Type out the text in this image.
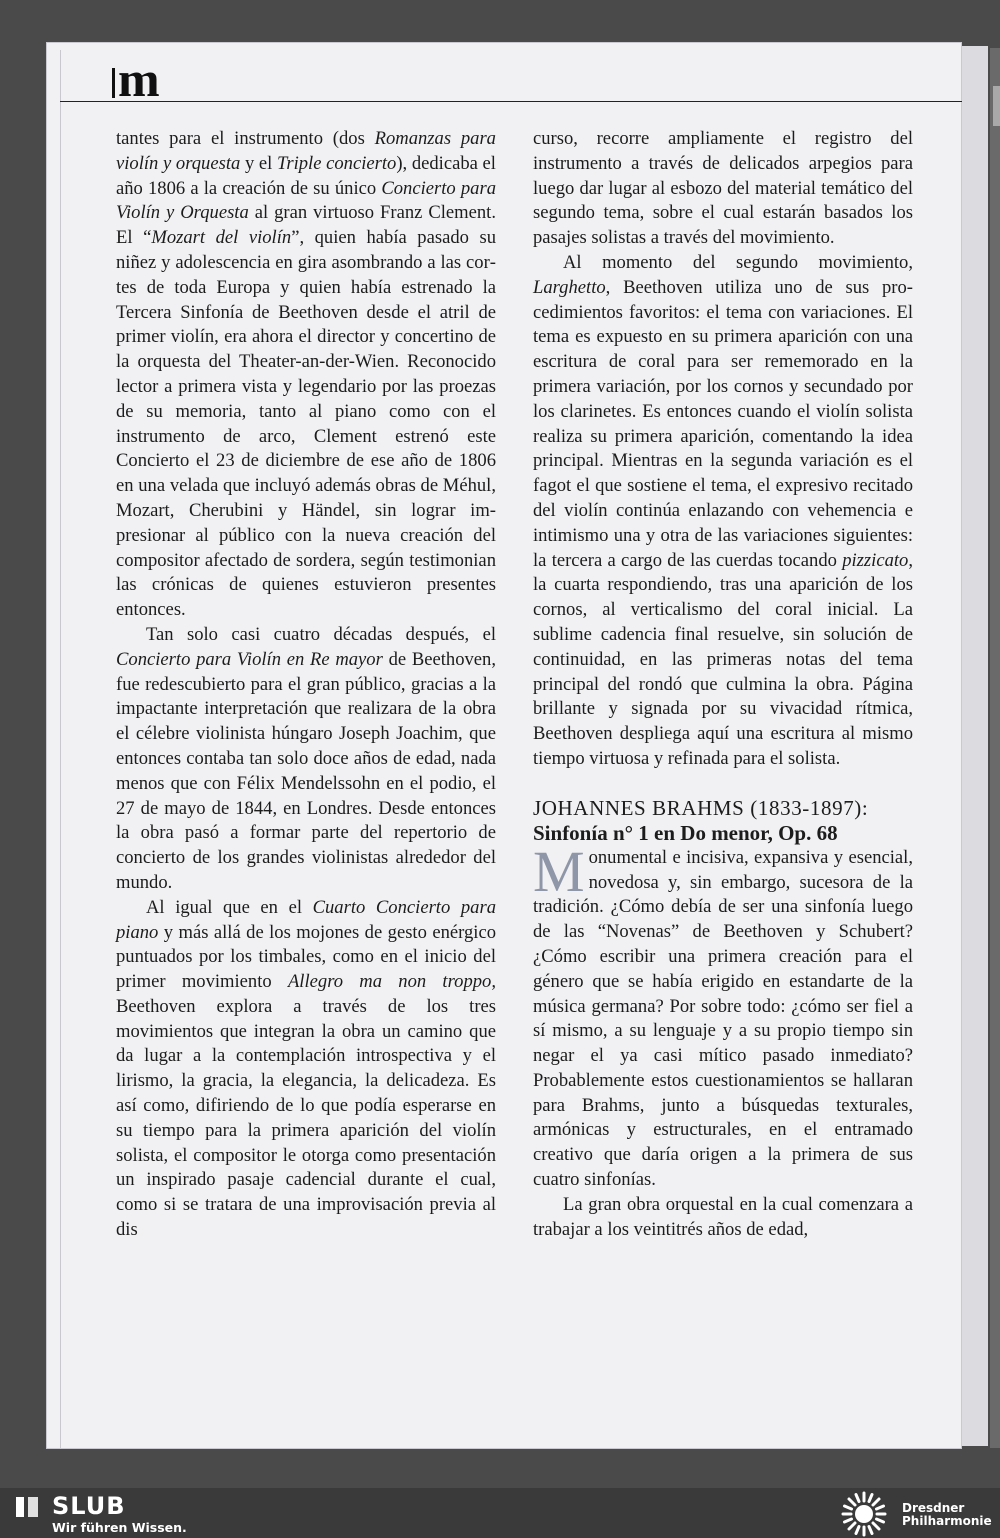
m

tantes para el instrumento (dos Romanzas para violín y orquesta y el Triple concierto), dedicaba el año 1806 a la creación de su único Concierto para Violín y Orquesta al gran virtuoso Franz Clement. El “Mozart del violín”, quien había pasado su niñez y adolescencia en gira asombrando a las cortes de toda Europa y quien había estrenado la Tercera Sinfonía de Beethoven desde el atril de primer violín, era ahora el director y concertino de la orquesta del Theater-an-der-Wien. Reconocido lector a primera vista y legendario por las proezas de su memoria, tanto al piano como con el instrumento de arco, Clement estrenó este Concierto el 23 de diciembre de ese año de 1806 en una velada que incluyó además obras de Méhul, Mozart, Cherubini y Händel, sin lograr impresionar al público con la nueva creación del compositor afectado de sordera, según testimonian las crónicas de quienes estuvieron presentes entonces.

Tan solo casi cuatro décadas después, el Concierto para Violín en Re mayor de Beethoven, fue redescubierto para el gran público, gracias a la impactante interpretación que realizara de la obra el célebre violinista húngaro Joseph Joachim, que entonces contaba tan solo doce años de edad, nada menos que con Félix Mendelssohn en el podio, el 27 de mayo de 1844, en Londres. Desde entonces la obra pasó a formar parte del repertorio de concierto de los grandes violinistas alrededor del mundo.

Al igual que en el Cuarto Concierto para piano y más allá de los mojones de gesto enérgico puntuados por los timbales, como en el inicio del primer movimiento Allegro ma non troppo, Beethoven explora a través de los tres movimientos que integran la obra un camino que da lugar a la contemplación introspectiva y el lirismo, la gracia, la elegancia, la delicadeza. Es así como, difiriendo de lo que podía esperarse en su tiempo para la primera aparición del violín solista, el compositor le otorga como presentación un inspirado pasaje cadencial durante el cual, como si se tratara de una improvisación previa al dis

curso, recorre ampliamente el registro del instrumento a través de delicados arpegios para luego dar lugar al esbozo del material temático del segundo tema, sobre el cual estarán basados los pasajes solistas a través del movimiento.

Al momento del segundo movimiento, Larghetto, Beethoven utiliza uno de sus procedimientos favoritos: el tema con variaciones. El tema es expuesto en su primera aparición con una escritura de coral para ser rememorado en la primera variación, por los cornos y secundado por los clarinetes. Es entonces cuando el violín solista realiza su primera aparición, comentando la idea principal. Mientras en la segunda variación es el fagot el que sostiene el tema, el expresivo recitado del violín continúa enlazando con vehemencia e intimismo una y otra de las variaciones siguientes: la tercera a cargo de las cuerdas tocando pizzicato, la cuarta respondiendo, tras una aparición de los cornos, al verticalismo del coral inicial. La sublime cadencia final resuelve, sin solución de continuidad, en las primeras notas del tema principal del rondó que culmina la obra. Página brillante y signada por su vivacidad rítmica, Beethoven despliega aquí una escritura al mismo tiempo virtuosa y refinada para el solista.

JOHANNES BRAHMS (1833-1897):
Sinfonía n° 1 en Do menor, Op. 68

Monumental e incisiva, expansiva y esencial, novedosa y, sin embargo, sucesora de la tradición. ¿Cómo debía de ser una sinfonía luego de las “Novenas” de Beethoven y Schubert? ¿Cómo escribir una primera creación para el género que se había erigido en estandarte de la música germana? Por sobre todo: ¿cómo ser fiel a sí mismo, a su lenguaje y a su propio tiempo sin negar el ya casi mítico pasado inmediato? Probablemente estos cuestionamientos se hallaran para Brahms, junto a búsquedas texturales, armónicas y estructurales, en el entramado creativo que daría origen a la primera de sus cuatro sinfonías.

La gran obra orquestal en la cual comenzara a trabajar a los veintitrés años de edad,

SLUB
Wir führen Wissen.
Dresdner
Philharmonie
